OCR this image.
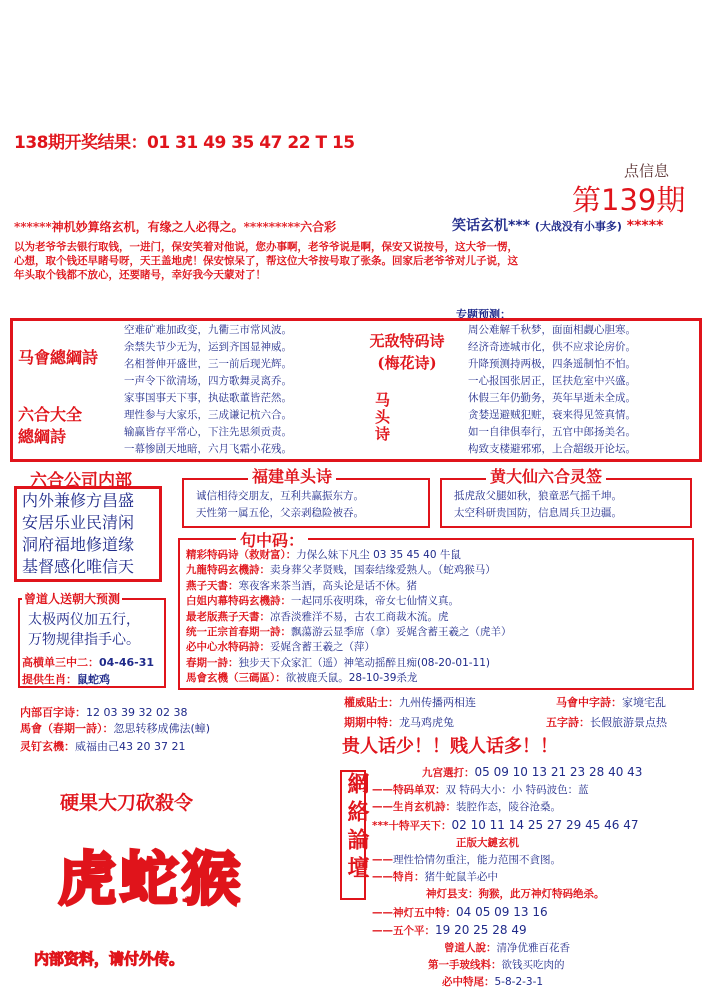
138期开奖结果：01 31 49 35 47 22 T 15
点信息
第139期
******神机妙算络玄机，有缘之人必得之。*********六合彩	笑话玄机*** (大战没有小事多) *****
以为老爷爷去银行取钱，一进门，保安笑着对他说，您办事啊，老爷爷说是啊，保安又说按号，这大爷一愣，
心想，取个钱还早睹号呀，天王盖地虎！保安惊呆了，帮这位大爷按号取了张条。回家后老爷爷对儿子说，这
年头取个钱都不放心，还要睹号，幸好我今天蒙对了！
专题预测：
马會總綱詩
六合大全
總綱詩
空难矿难加政变，九衢三市常风波。
余禁失节少无为，运到齐国显神威。
名相誉伸开盛世，三一前后现光辉。
一声令下欲清场，四方歌舞灵离乔。
家事国事天下事，执砝歌董皆茫然。
理性参与大家乐，三成谦记杭六合。
输赢皆存平常心，下注先思须贡责。
一幕惨剧天地暗，六月飞霜小花残。
无敌特码诗
(梅花诗)
马头诗
周公难解千秋梦，面面相觑心胆寒。
经济奇迹城市化，供不应求论房价。
升降预测持两极，四条遥制怕不怕。
一心报国张居正，匡扶危室中兴盛。
休假三年仍勤务，英年早逝未全成。
贪婪逞避贼犯赃，衰来得见签真情。
如一自律俱奉行，五官中郎扬美名。
构致支楼避邪邪，上合超级开论坛。
六合公司内部
内外兼修方昌盛
安居乐业民清闲
洞府福地修道缘
基督感化唯信天
福建单头诗
诚信相待交朋友，互利共赢振东方。
天性第一属五伦，父亲剥稳险被吞。
黄大仙六合灵签
抵虎敌父腿如秋，狼童恶气摇千坤。
太空科研贵国防，信息周兵卫边疆。
曾道人送朝大预测
太极两仪加五行，
万物规律指手心。
高横单三中二：04-46-31
提供生肖：鼠蛇鸡
句中码：
精彩特码诗（救财富）：力保么妹下凡尘 03 35 45 40 牛鼠
九龍特码玄機詩：卖身葬父孝贤贱，国泰结缘爱熟人。（蛇鸡猴马）
燕子天書：寒夜客来茶当酒，高头论是话不休。猪
白姐内幕特码玄機詩：一起同乐夜明珠，帝女七仙情义真。
最老版燕子天書：凉香淡雅洋不易，古农工商裁木流。虎
统一正宗首春期一詩：飘蕩游云显季席（拿）妥娓含蓄王羲之（虎羊）
必中心水特码詩：妥娓含蓄王羲之（萍）
春期一詩：独步天下众家汇（遥）神笔动摇醉且痴(08-20-01-11)
馬會玄機（三碼區）：欲被鹿夭鼠。28-10-39杀龙
内部百字诗：12 03 39 32 02 38
馬會（春期一詩）：忽思转移成佛法(蟑)
灵钉玄機：威福由己43 20 37 21
權威貼士：九州传播两相连
期期中特：龙马鸡虎兔
马會中字詩：家境宅乱
五字詩：长假旅游景点热
贵人话少！！贱人话多！！
硬果大刀砍殺令
虎蛇猴	網絡論壇	九宫選打：05 09 10 13 21 23 28 40 43
——特码单双：双 特码大小：小 特码波色：蓝
——生肖玄机詩：装腔作态，陵谷沧桑。
***十特平天下：02 10 11 14 25 27 29 45 46 47
正版大鏈玄机
——理性恰情勿重注，能力范围不貪图。
——特肖：猪牛蛇鼠羊必中
神灯县支：狗猴，此万神灯特码绝杀。
——神灯五中特：04 05 09 13 16
——五个平：19 20 25 28 49
曾道人說：清净优雅百花香
第一手玻线料：欲钱买吃肉的
必中特尾：5-8-2-3-1
内部资料，请付外传。
